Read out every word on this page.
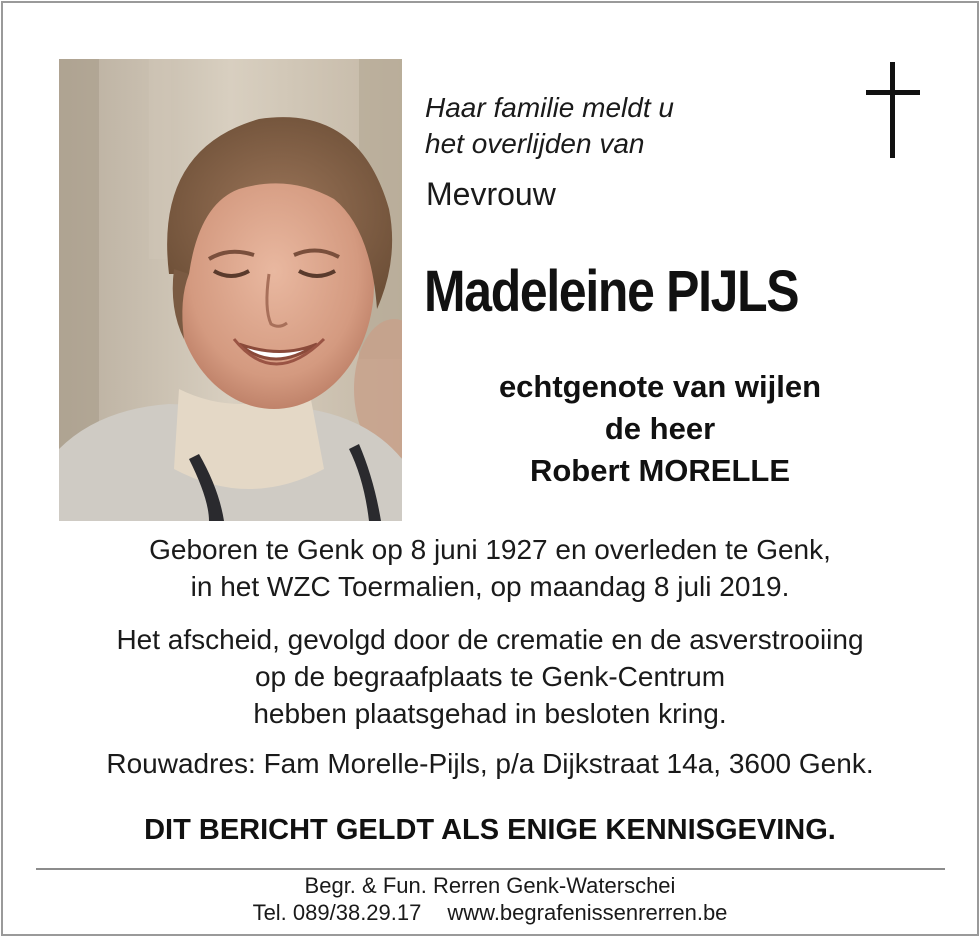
Haar familie meldt u
het overlijden van
Mevrouw
Madeleine PIJLS
echtgenote van wijlen
de heer
Robert MORELLE
Geboren te Genk op 8 juni 1927 en overleden te Genk,
in het WZC Toermalien, op maandag 8 juli 2019.
Het afscheid, gevolgd door de crematie en de asverstrooiing
op de begraafplaats te Genk-Centrum
hebben plaatsgehad in besloten kring.
Rouwadres: Fam Morelle-Pijls, p/a Dijkstraat 14a, 3600 Genk.
DIT BERICHT GELDT ALS ENIGE KENNISGEVING.
Begr. & Fun. Rerren Genk-Waterschei
Tel. 089/38.29.17 www.begrafenissenrerren.be
